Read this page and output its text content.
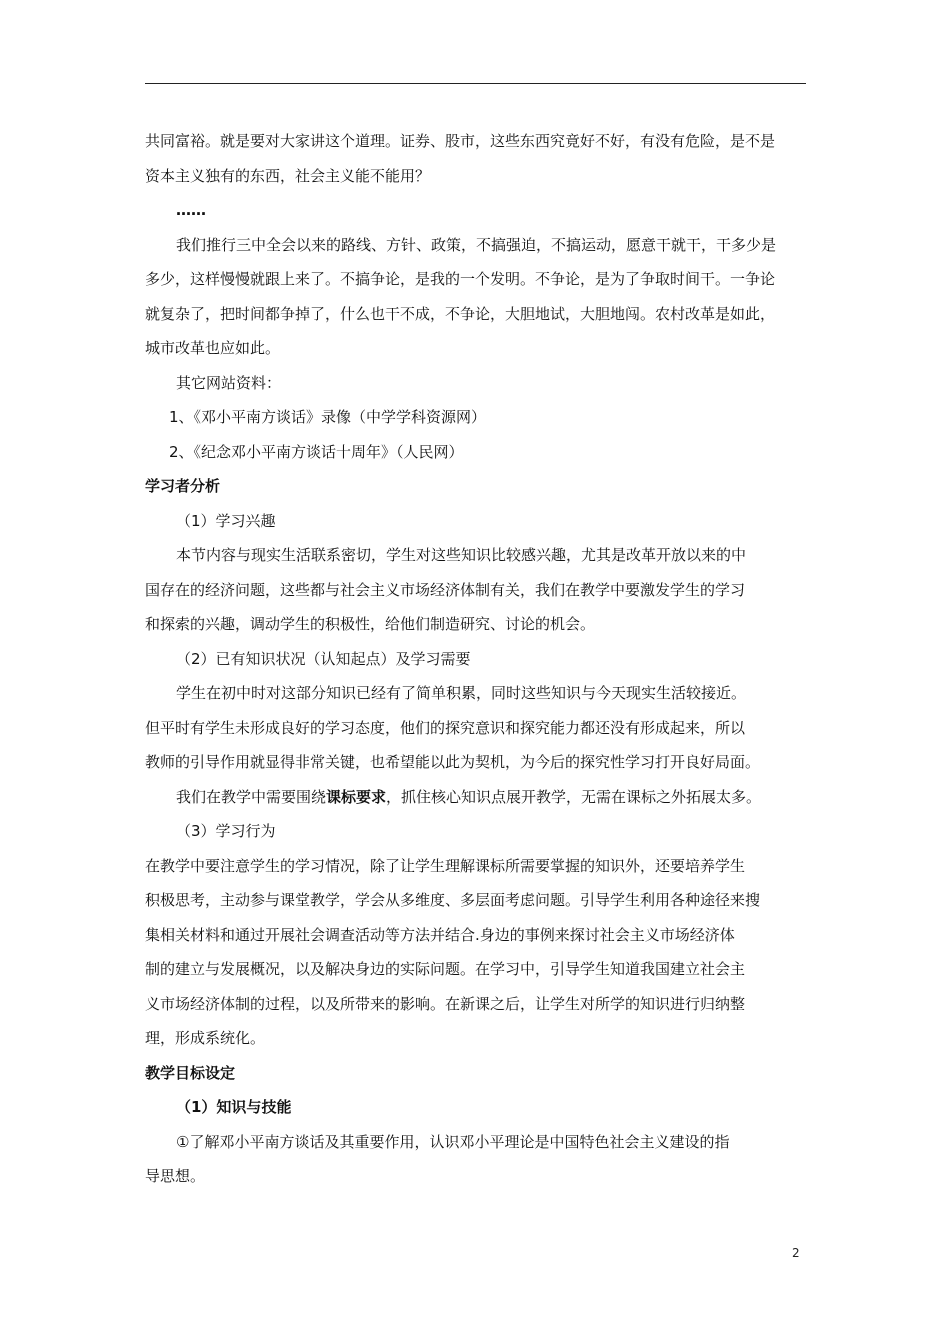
共同富裕。就是要对大家讲这个道理。证券、股市，这些东西究竟好不好，有没有危险，是不是
资本主义独有的东西，社会主义能不能用？
……
我们推行三中全会以来的路线、方针、政策，不搞强迫，不搞运动，愿意干就干，干多少是
多少，这样慢慢就跟上来了。不搞争论，是我的一个发明。不争论，是为了争取时间干。一争论
就复杂了，把时间都争掉了，什么也干不成，不争论，大胆地试，大胆地闯。农村改革是如此，
城市改革也应如此。
其它网站资料：
1、《邓小平南方谈话》录像（中学学科资源网）
2、《纪念邓小平南方谈话十周年》（人民网）
学习者分析
（1）学习兴趣
本节内容与现实生活联系密切，学生对这些知识比较感兴趣，尤其是改革开放以来的中
国存在的经济问题，这些都与社会主义市场经济体制有关，我们在教学中要激发学生的学习
和探索的兴趣，调动学生的积极性，给他们制造研究、讨论的机会。
（2）已有知识状况（认知起点）及学习需要
学生在初中时对这部分知识已经有了简单积累，同时这些知识与今天现实生活较接近。
但平时有学生未形成良好的学习态度，他们的探究意识和探究能力都还没有形成起来，所以
教师的引导作用就显得非常关键，也希望能以此为契机，为今后的探究性学习打开良好局面。
我们在教学中需要围绕课标要求，抓住核心知识点展开教学，无需在课标之外拓展太多。
（3）学习行为
在教学中要注意学生的学习情况，除了让学生理解课标所需要掌握的知识外，还要培养学生
积极思考，主动参与课堂教学，学会从多维度、多层面考虑问题。引导学生利用各种途径来搜
集相关材料和通过开展社会调查活动等方法并结合.身边的事例来探讨社会主义市场经济体
制的建立与发展概况，以及解决身边的实际问题。在学习中，引导学生知道我国建立社会主
义市场经济体制的过程，以及所带来的影响。在新课之后，让学生对所学的知识进行归纳整
理，形成系统化。
教学目标设定
（1）知识与技能
①了解邓小平南方谈话及其重要作用，认识邓小平理论是中国特色社会主义建设的指
导思想。
2
